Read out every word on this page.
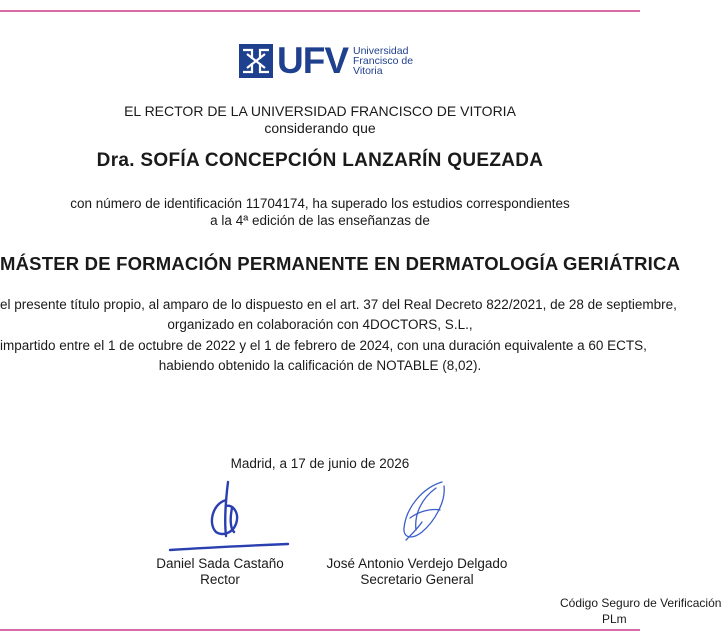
UFV Universidad
Francisco de
Vitoria
EL RECTOR DE LA UNIVERSIDAD FRANCISCO DE VITORIA
considerando que
Dra. SOFÍA CONCEPCIÓN LANZARÍN QUEZADA
con número de identificación 11704174, ha superado los estudios correspondientes
a la 4ª edición de las enseñanzas de
MÁSTER DE FORMACIÓN PERMANENTE EN DERMATOLOGÍA GERIÁTRICA
el presente título propio, al amparo de lo dispuesto en el art. 37 del Real Decreto 822/2021, de 28 de septiembre,
organizado en colaboración con 4DOCTORS, S.L.,
impartido entre el 1 de octubre de 2022 y el 1 de febrero de 2024, con una duración equivalente a 60 ECTS,
habiendo obtenido la calificación de NOTABLE (8,02).
Madrid, a 17 de junio de 2026
Daniel Sada Castaño
Rector
José Antonio Verdejo Delgado
Secretario General
Código Seguro de Verificación
PLm
